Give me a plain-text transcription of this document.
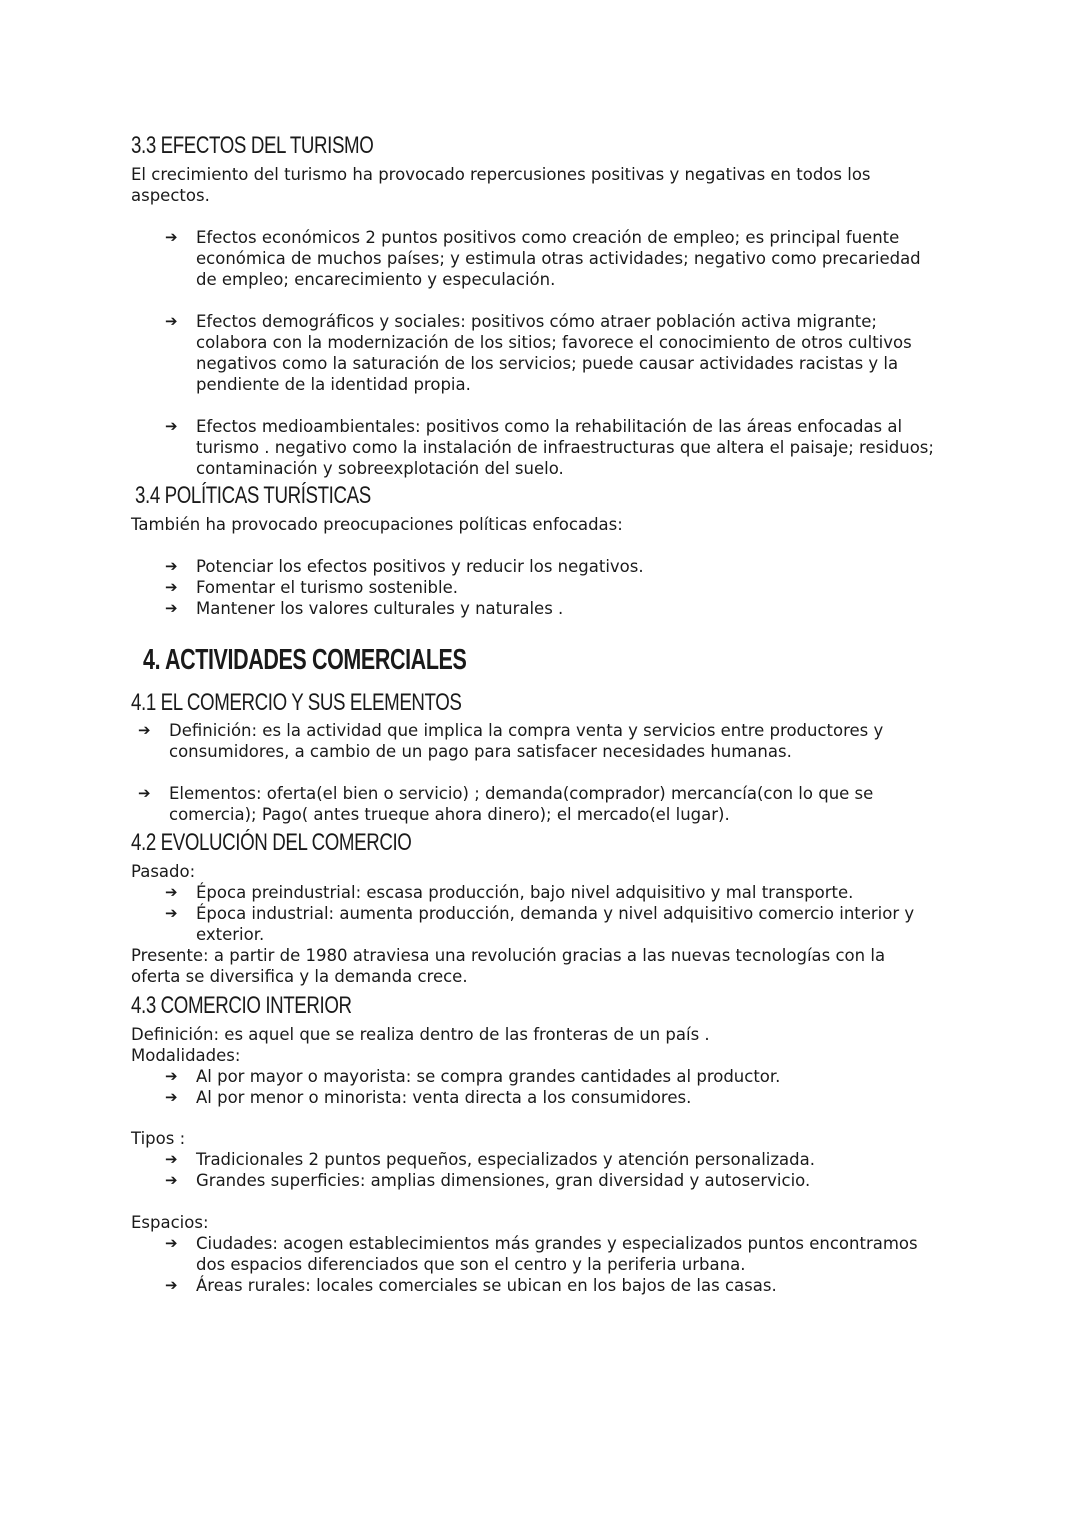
3.3 EFECTOS DEL TURISMO

El crecimiento del turismo ha provocado repercusiones positivas y negativas en todos los aspectos.

➔	Efectos económicos 2 puntos positivos como creación de empleo; es principal fuente económica de muchos países; y estimula otras actividades; negativo como precariedad de empleo; encarecimiento y especulación.
➔	Efectos demográficos y sociales: positivos cómo atraer población activa migrante; colabora con la modernización de los sitios; favorece el conocimiento de otros cultivos negativos como la saturación de los servicios; puede causar actividades racistas y la pendiente de la identidad propia.
➔	Efectos medioambientales: positivos como la rehabilitación de las áreas enfocadas al turismo . negativo como la instalación de infraestructuras que altera el paisaje; residuos; contaminación y sobreexplotación del suelo.
3.4 POLÍTICAS TURÍSTICAS

También ha provocado preocupaciones políticas enfocadas:

➔	Potenciar los efectos positivos y reducir los negativos.
➔	Fomentar el turismo sostenible.
➔	Mantener los valores culturales y naturales .
4. ACTIVIDADES COMERCIALES
4.1 EL COMERCIO Y SUS ELEMENTOS
➔	Definición: es la actividad que implica la compra venta y servicios entre productores y consumidores, a cambio de un pago para satisfacer necesidades humanas.
➔	Elementos: oferta(el bien o servicio) ; demanda(comprador) mercancía(con lo que se comercia); Pago( antes trueque ahora dinero); el mercado(el lugar).
4.2 EVOLUCIÓN DEL COMERCIO

Pasado:

➔	Época preindustrial: escasa producción, bajo nivel adquisitivo y mal transporte.
➔	Época industrial: aumenta producción, demanda y nivel adquisitivo comercio interior y exterior.

Presente: a partir de 1980 atraviesa una revolución gracias a las nuevas tecnologías con la oferta se diversifica y la demanda crece.

4.3 COMERCIO INTERIOR

Definición: es aquel que se realiza dentro de las fronteras de un país .

Modalidades:

➔	Al por mayor o mayorista: se compra grandes cantidades al productor.
➔	Al por menor o minorista: venta directa a los consumidores.

Tipos :

➔	Tradicionales 2 puntos pequeños, especializados y atención personalizada.
➔	Grandes superficies: amplias dimensiones, gran diversidad y autoservicio.

Espacios:

➔	Ciudades: acogen establecimientos más grandes y especializados puntos encontramos dos espacios diferenciados que son el centro y la periferia urbana.
➔	Áreas rurales: locales comerciales se ubican en los bajos de las casas.
